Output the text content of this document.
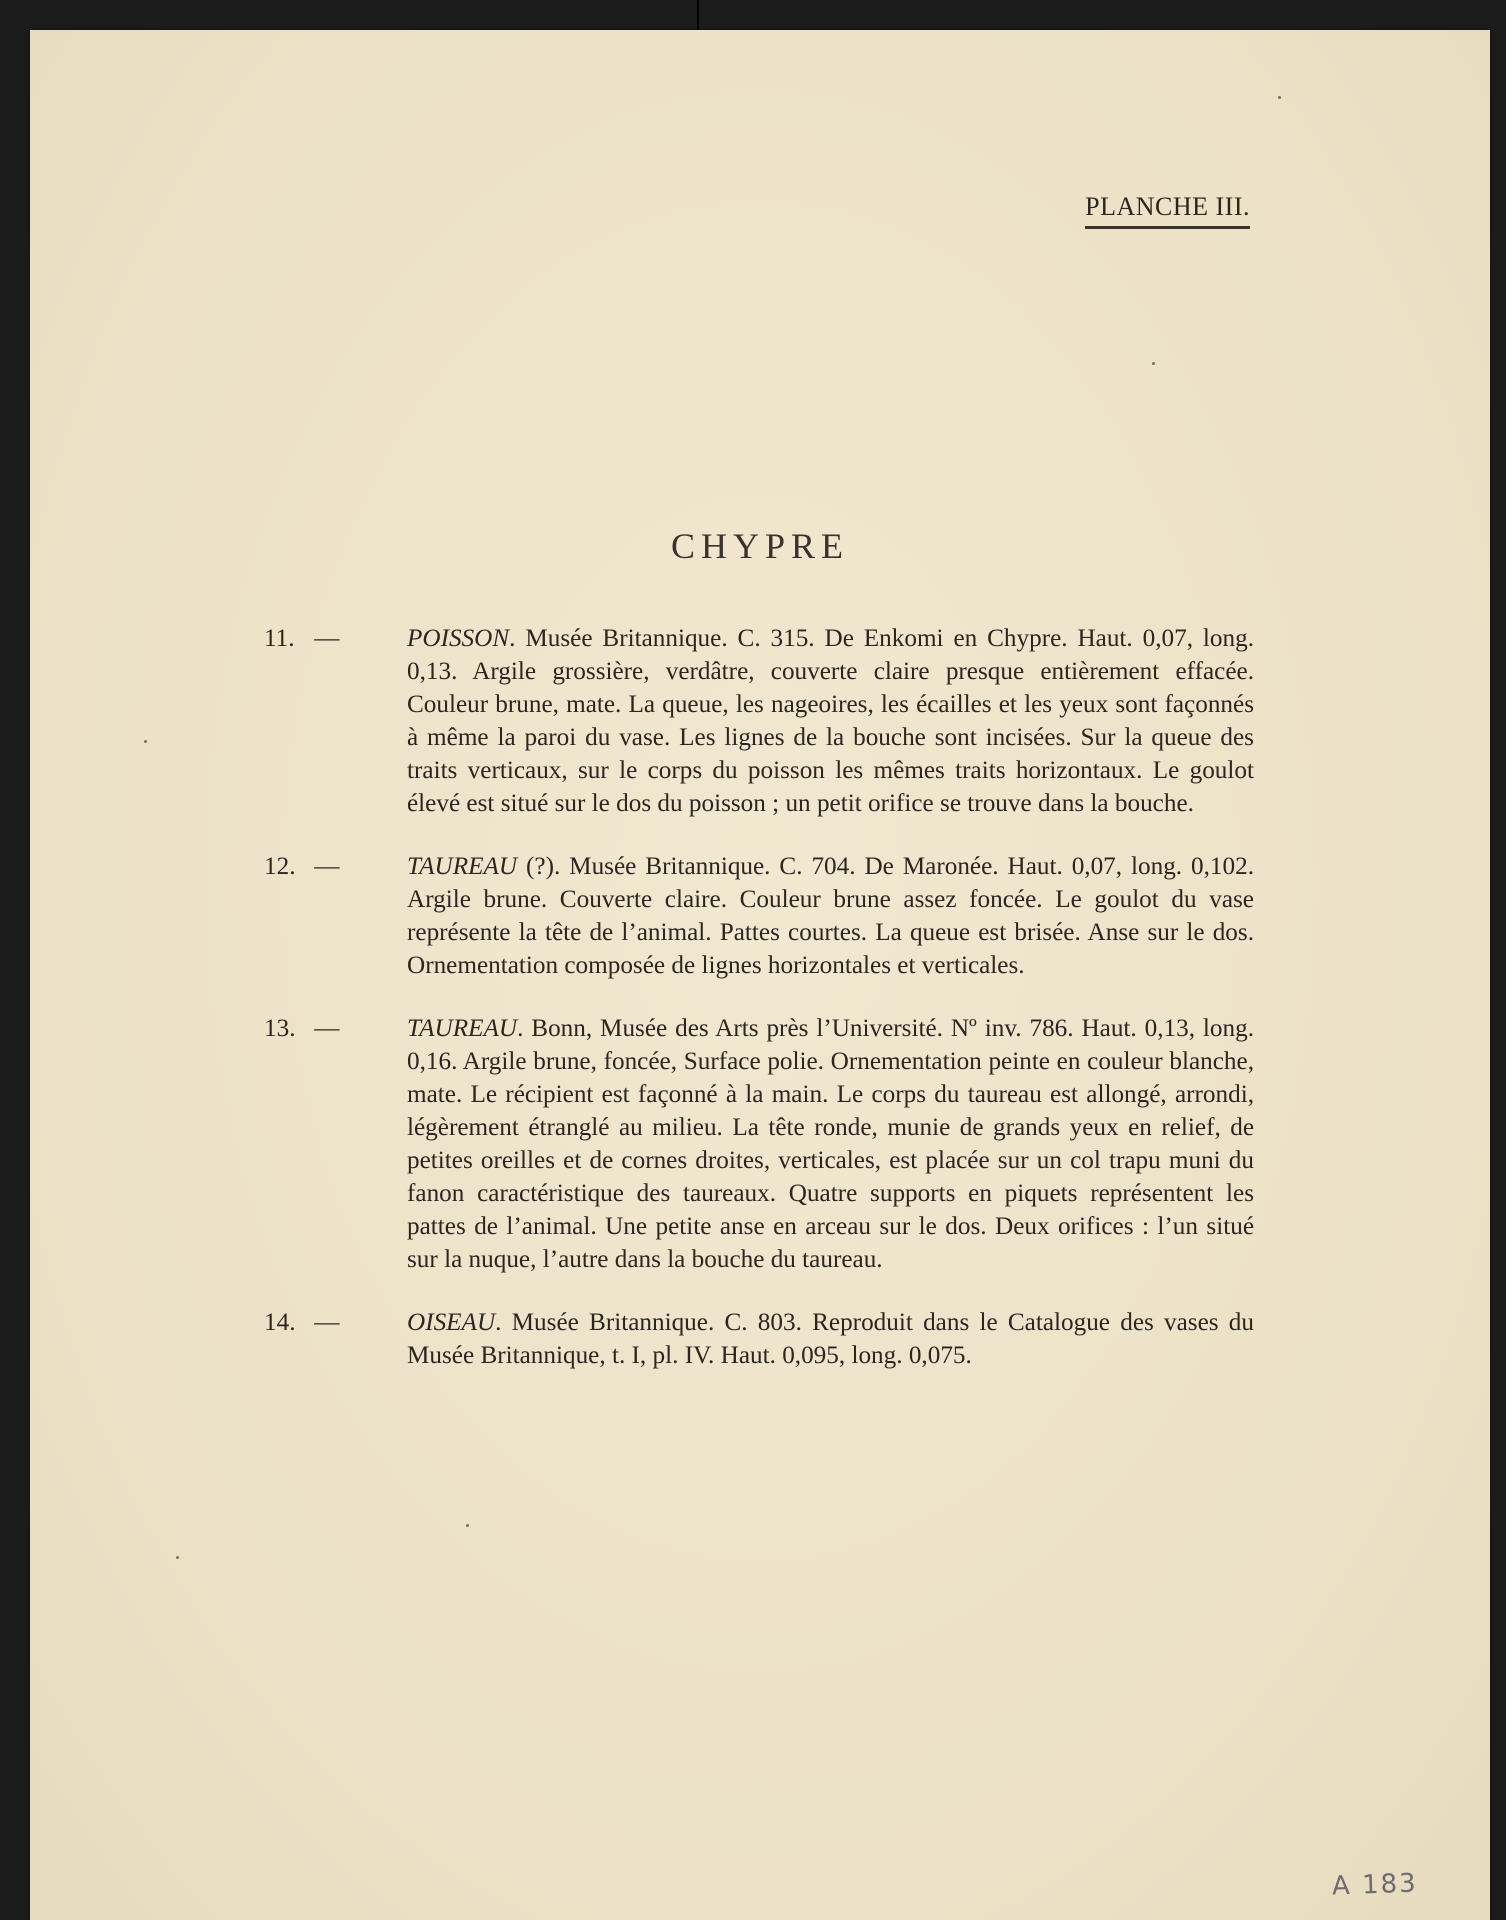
PLANCHE III.
CHYPRE
11. —	POISSON. Musée Britannique. C. 315. De Enkomi en Chypre. Haut. 0,07, long. 0,13. Argile grossière, verdâtre, couverte claire presque entièrement effacée. Couleur brune, mate. La queue, les nageoires, les écailles et les yeux sont façonnés à même la paroi du vase. Les lignes de la bouche sont incisées. Sur la queue des traits verticaux, sur le corps du poisson les mêmes traits horizontaux. Le goulot élevé est situé sur le dos du poisson ; un petit orifice se trouve dans la bouche.
12. —	TAUREAU (?). Musée Britannique. C. 704. De Maronée. Haut. 0,07, long. 0,102. Argile brune. Couverte claire. Couleur brune assez foncée. Le goulot du vase représente la tête de l’animal. Pattes courtes. La queue est brisée. Anse sur le dos. Ornementation composée de lignes horizontales et verticales.
13. —	TAUREAU. Bonn, Musée des Arts près l’Université. Nº inv. 786. Haut. 0,13, long. 0,16. Argile brune, foncée, Surface polie. Ornementation peinte en couleur blanche, mate. Le récipient est façonné à la main. Le corps du taureau est allongé, arrondi, légèrement étranglé au milieu. La tête ronde, munie de grands yeux en relief, de petites oreilles et de cornes droites, verticales, est placée sur un col trapu muni du fanon caractéristique des taureaux. Quatre supports en piquets représentent les pattes de l’animal. Une petite anse en arceau sur le dos. Deux orifices : l’un situé sur la nuque, l’autre dans la bouche du taureau.
14. —	OISEAU. Musée Britannique. C. 803. Reproduit dans le Catalogue des vases du Musée Britannique, t. I, pl. IV. Haut. 0,095, long. 0,075.
A 183
